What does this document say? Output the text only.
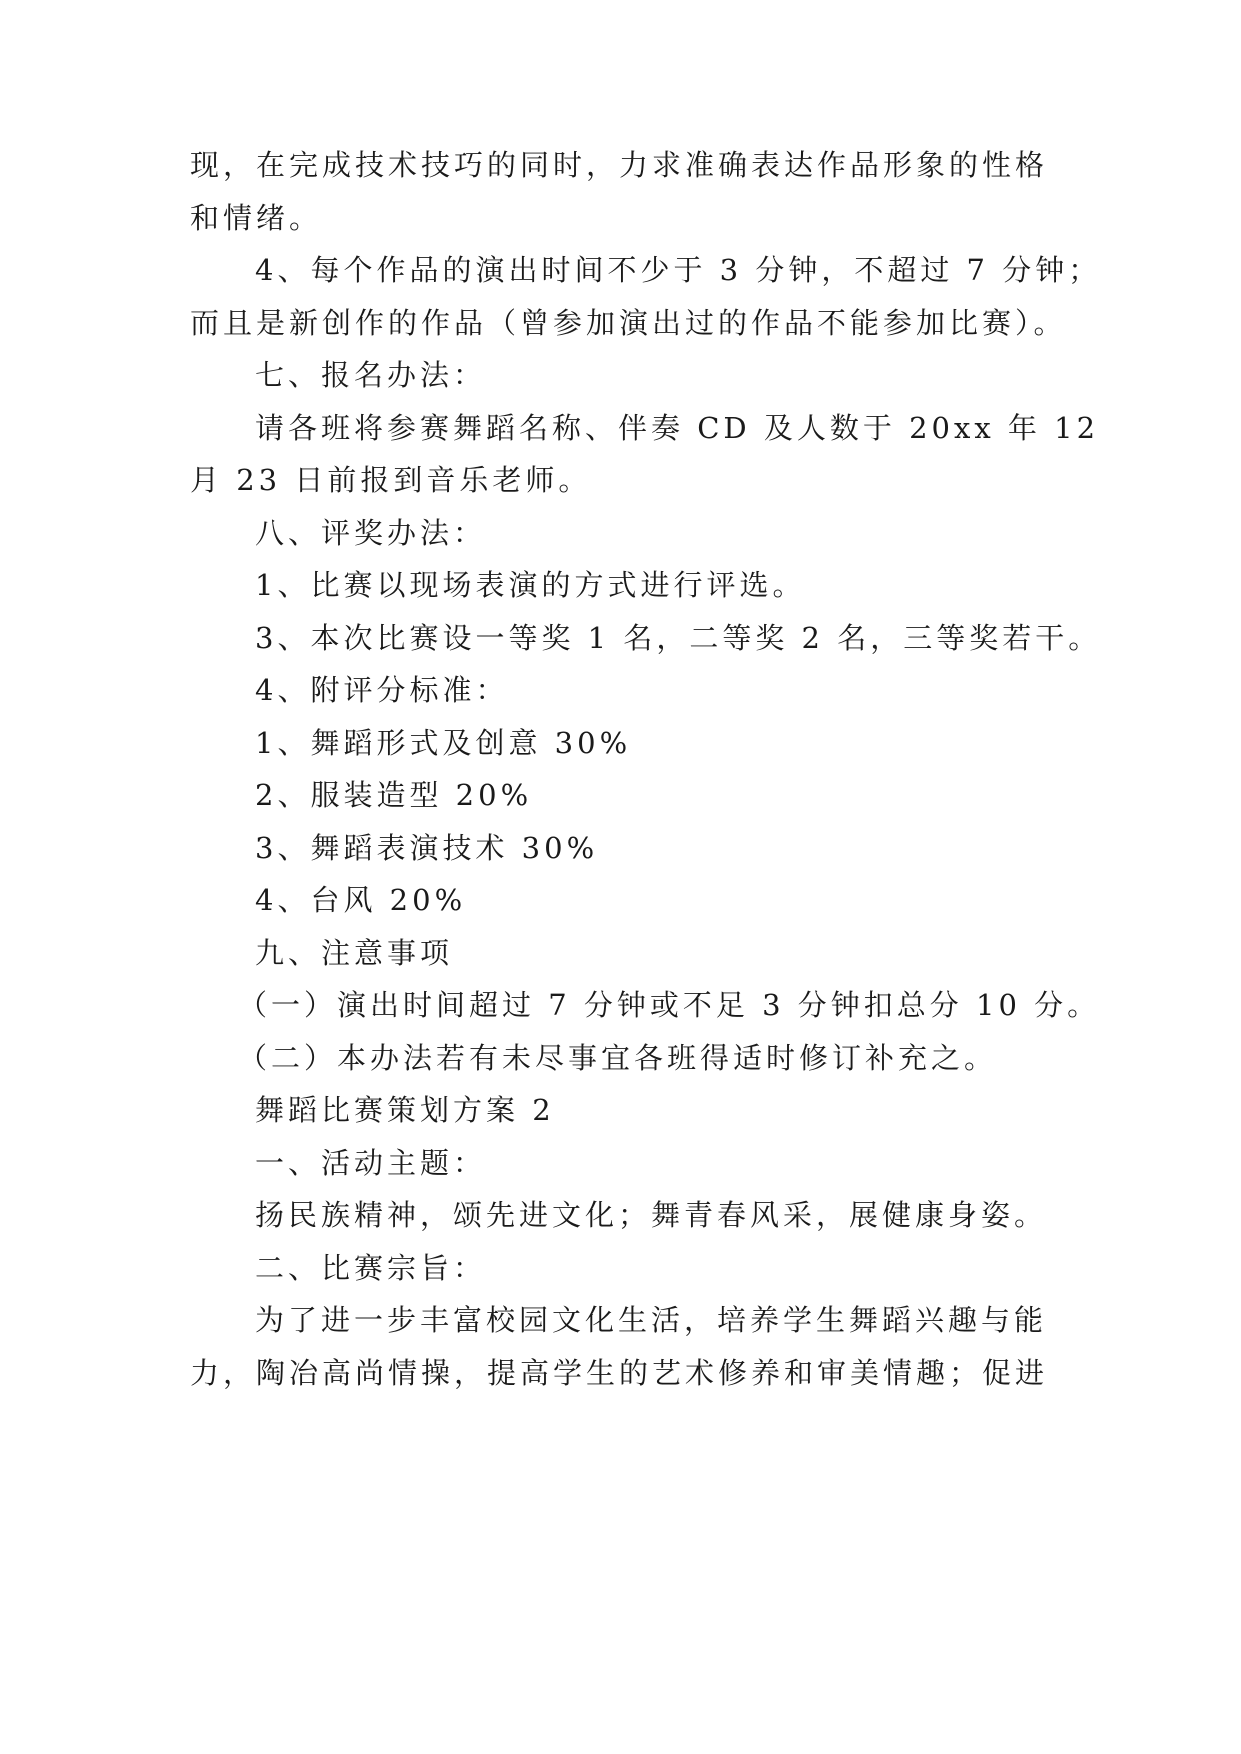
现，在完成技术技巧的同时，力求准确表达作品形象的性格
和情绪。
4、每个作品的演出时间不少于 3 分钟，不超过 7 分钟；
而且是新创作的作品（曾参加演出过的作品不能参加比赛）。
七、报名办法：
请各班将参赛舞蹈名称、伴奏 CD 及人数于 20xx 年 12
月 23 日前报到音乐老师。
八、评奖办法：
1、比赛以现场表演的方式进行评选。
3、本次比赛设一等奖 1 名，二等奖 2 名，三等奖若干。
4、附评分标准：
1、舞蹈形式及创意 30%
2、服装造型 20%
3、舞蹈表演技术 30%
4、台风 20%
九、注意事项
（一）演出时间超过 7 分钟或不足 3 分钟扣总分 10 分。
（二）本办法若有未尽事宜各班得适时修订补充之。
舞蹈比赛策划方案 2
一、活动主题：
扬民族精神，颂先进文化；舞青春风采，展健康身姿。
二、比赛宗旨：
为了进一步丰富校园文化生活，培养学生舞蹈兴趣与能
力，陶冶高尚情操，提高学生的艺术修养和审美情趣；促进
